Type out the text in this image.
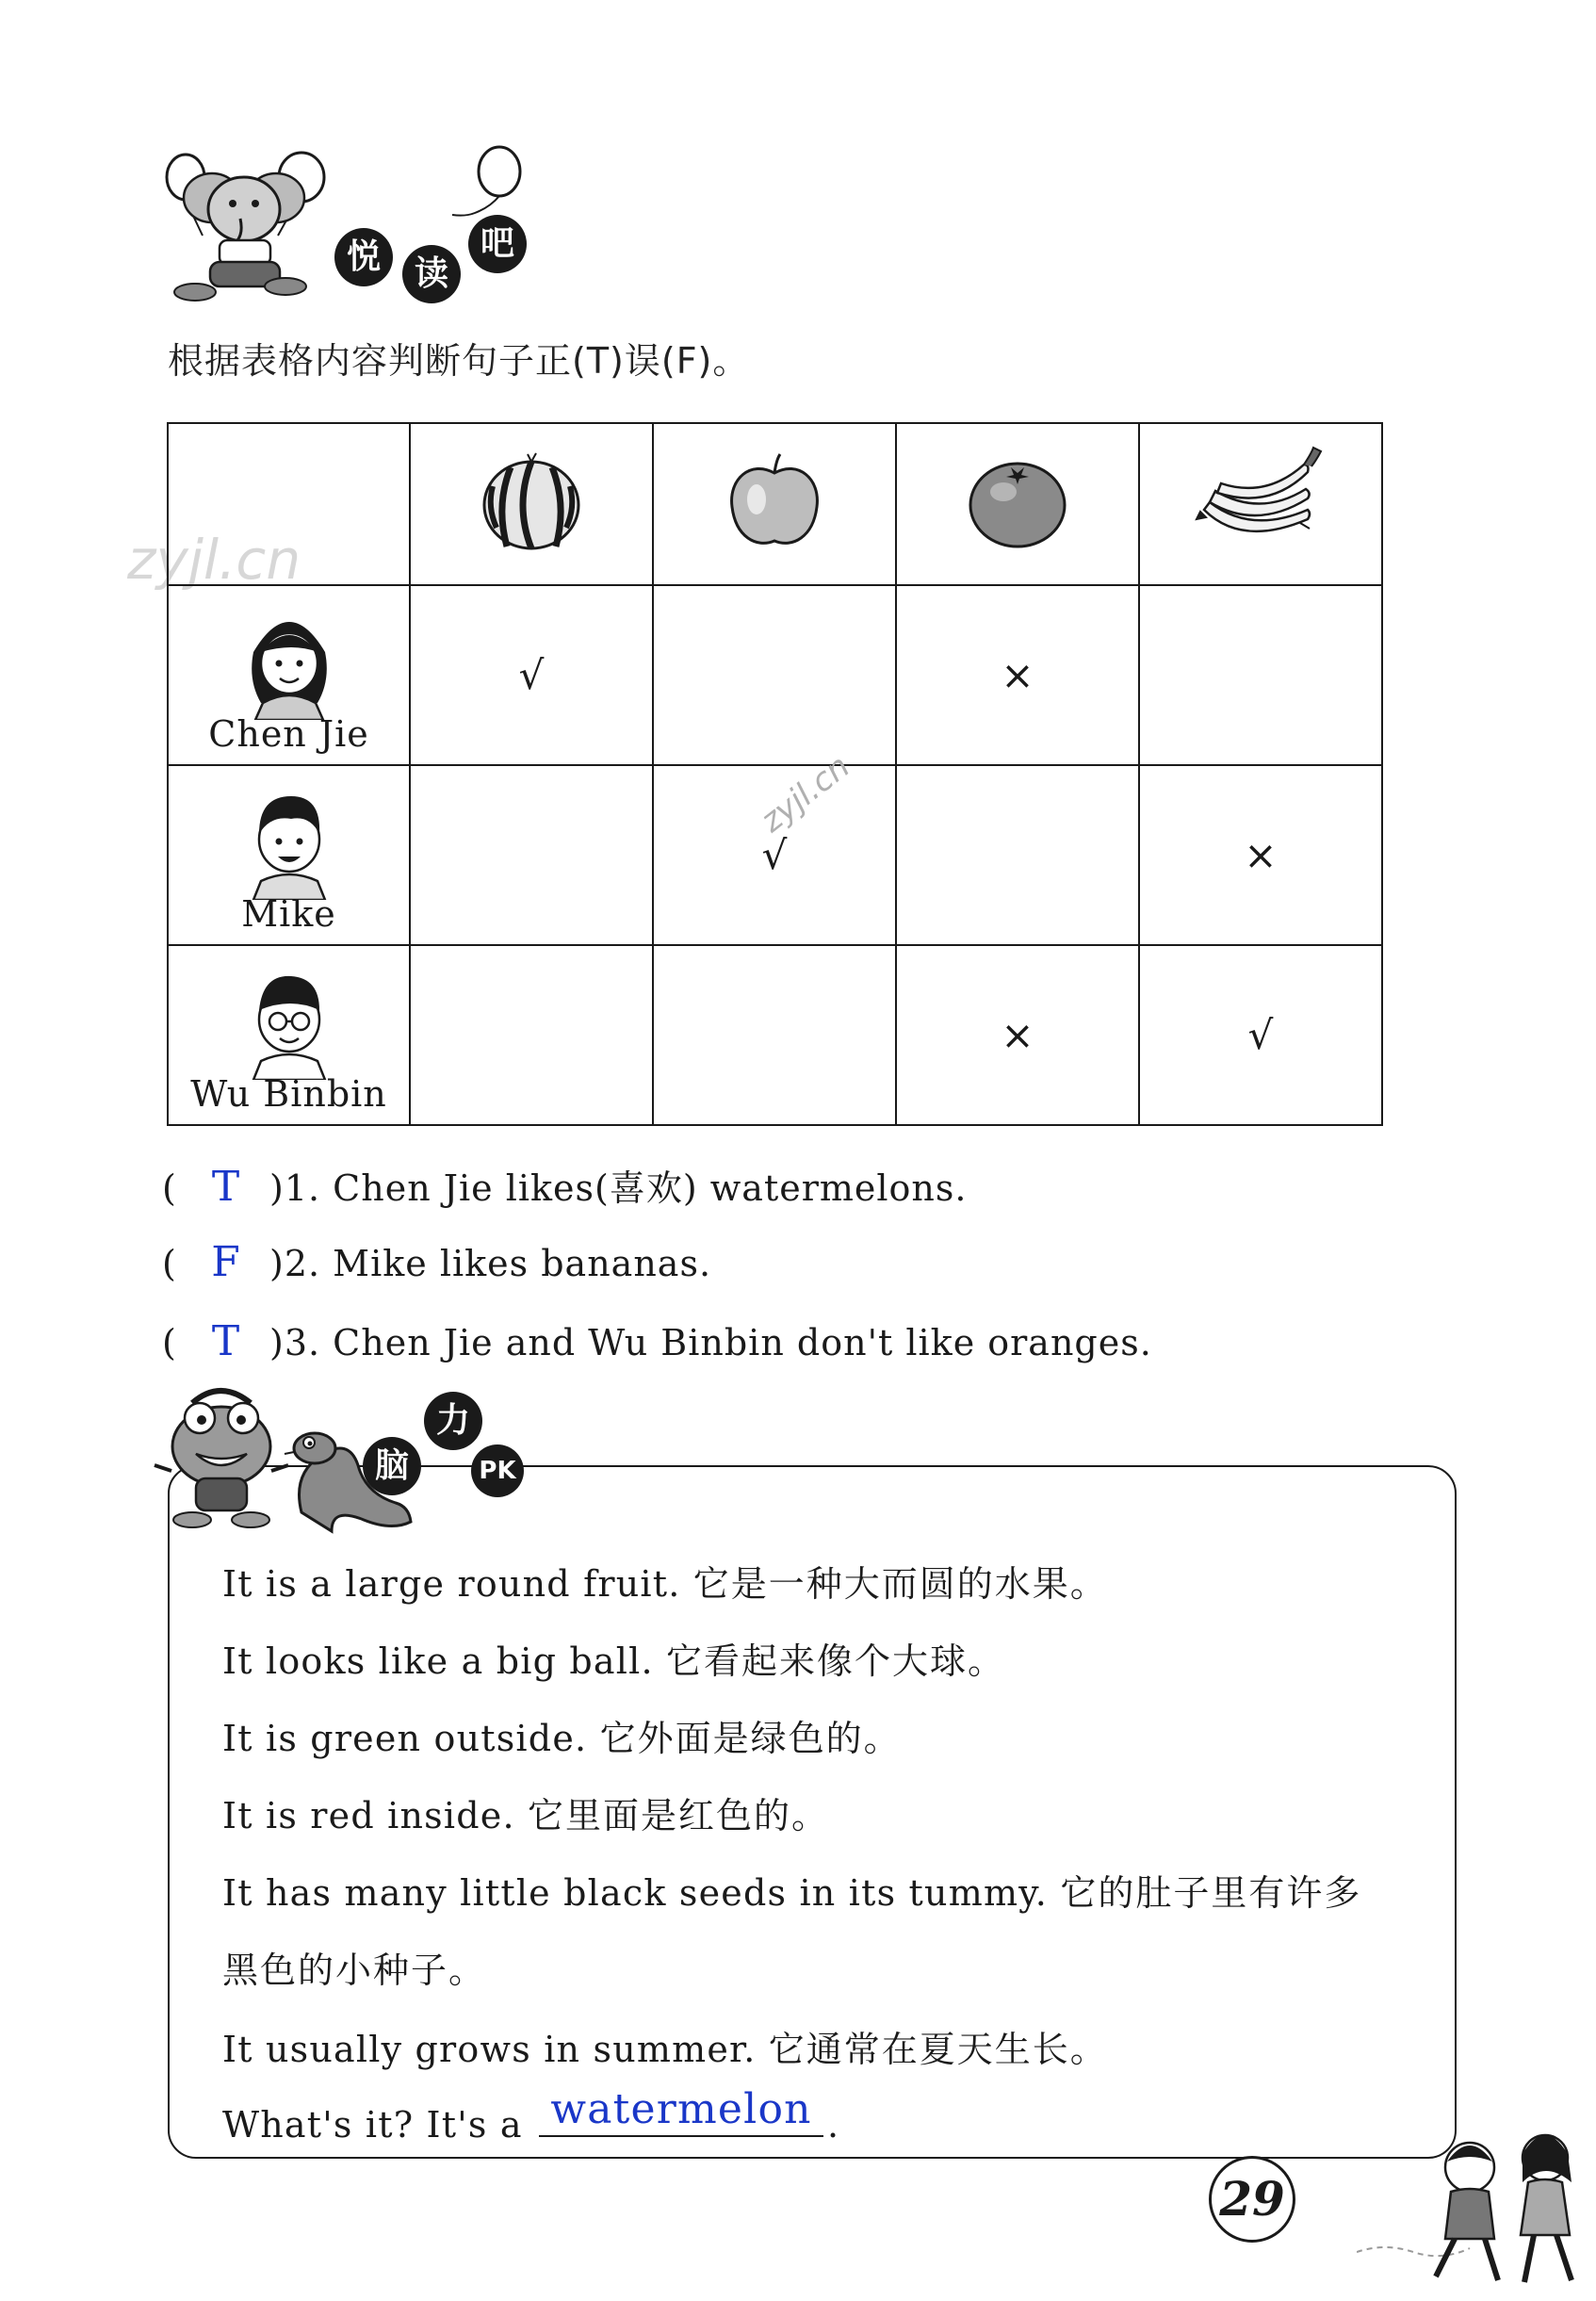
悦 读
吧
根据表格内容判断句子正(T)误(F)。
zyjl.cn

Chen Jie	√		×	

Mike		√		×

Wu Binbin			×	√
zyjl.cn
( T )1. Chen Jie likes(喜欢) watermelons.
( F )2. Mike likes bananas.
( T )3. Chen Jie and Wu Binbin don't like oranges.
脑
力
PK
It is a large round fruit. 它是一种大而圆的水果。
It looks like a big ball. 它看起来像个大球。
It is green outside. 它外面是绿色的。
It is red inside. 它里面是红色的。
It has many little black seeds in its tummy. 它的肚子里有许多
黑色的小种子。
It usually grows in summer. 它通常在夏天生长。
What's it? It's a watermelon .
29
